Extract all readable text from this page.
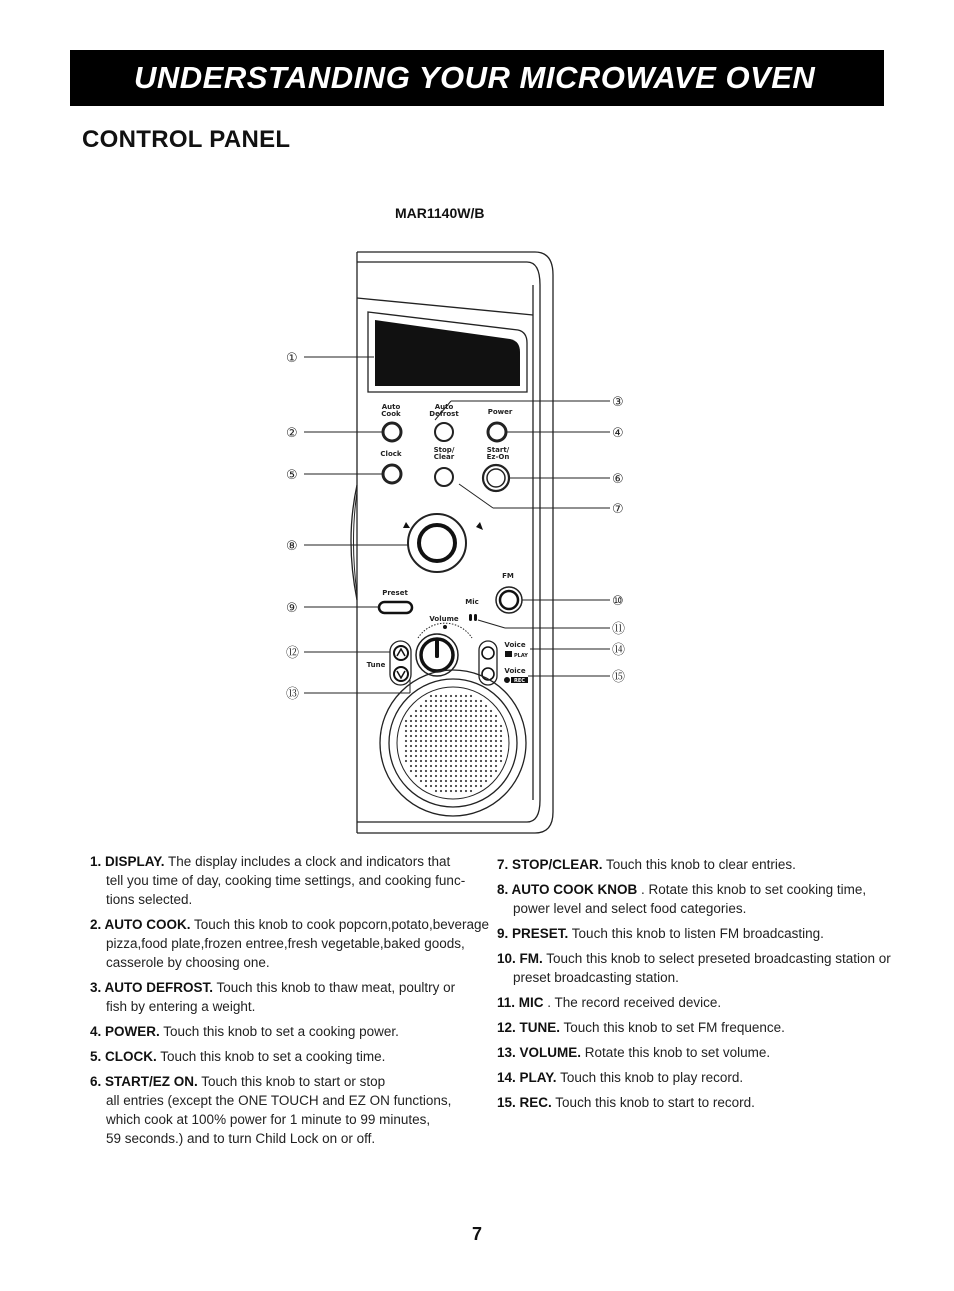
UNDERSTANDING YOUR MICROWAVE OVEN
CONTROL PANEL
MAR1140W/B
Auto
Cook
Auto
Defrost	Power
Clock	Stop/
Clear
Start/
Ez-On
FM
Preset
Mic
Volume
Tune
Voice
Voice
PLAY
REC
①
②
③
④
⑤	⑥
⑦
⑧
⑨	⑩
⑪
⑫
⑬
⑭
⑮
1. DISPLAY. The display includes a clock and indicators that
tell you time of day, cooking time settings, and cooking func-
tions selected.
2. AUTO COOK. Touch this knob to cook popcorn,potato,beverage
pizza,food plate,frozen entree,fresh vegetable,baked goods,
casserole by choosing one.
3. AUTO DEFROST. Touch this knob to thaw meat, poultry or
fish by entering a weight.
4. POWER. Touch this knob to set a cooking power.
5. CLOCK. Touch this knob to set a cooking time.
6. START/EZ ON. Touch this knob to start or stop
all entries (except the ONE TOUCH and EZ ON functions,
which cook at 100% power for 1 minute to 99 minutes,
59 seconds.) and to turn Child Lock on or off.
7. STOP/CLEAR. Touch this knob to clear entries.
8. AUTO COOK KNOB . Rotate this knob to set cooking time,
power level and select food categories.
9. PRESET. Touch this knob to listen FM broadcasting.
10. FM. Touch this knob to select preseted broadcasting station or
preset broadcasting station.
11. MIC . The record received device.
12. TUNE. Touch this knob to set FM frequence.
13. VOLUME. Rotate this knob to set volume.
14. PLAY. Touch this knob to play record.
15. REC. Touch this knob to start to record.
7
